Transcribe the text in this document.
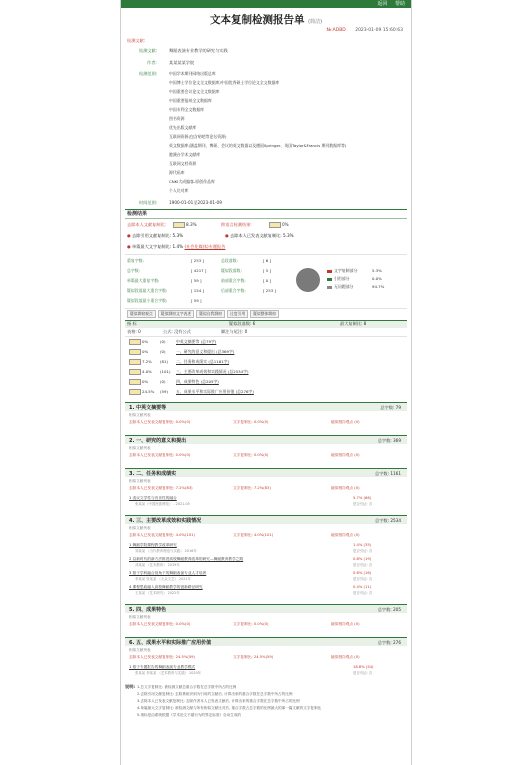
返回 帮助
文本复制检测报告单 (简洁)
№:ADBD 2023-01-09 15:60:63
检测文献:
检测文献:	舞蹈表演专业教学的研究与实践
作者:	某某某某学院
检测范围:	中国学术期刊网络出版总库
中国博士学位论文全文数据库/中国优秀硕士学位论文全文数据库
中国重要会议论文全文数据库
中国重要报纸全文数据库
中国专利全文数据库
图书资源
优先出版文献库
互联网资源(包含贴吧等论坛资源)
英文数据库(涵盖期刊、博硕、会议的英文数据以及德国Springer、英国Taylor&Francis 期刊数据库等)
港澳台学术文献库
互联网文档资源
源代码库
CNKI大成编客-原创作品库
个人比对库
时间范围:	1900-01-01至2023-01-09
检测结果
去除本人文献复制比:	8.3%	跨语言检测结果:	0%
● 去除引用文献复制比: 5.3%	● 去除本人已发表文献复制比: 5.3%
● 单篇最大文字复制比: 1.4% (社会化媒体)专题报告
重复字数:	[ 253 ]
总字数:	[ 4217 ]
单篇最大重复字数:	[ 59 ]
疑似段落最大重合字数:	[ 154 ]
疑似段落最小重合字数:	[ 59 ]
总段落数:	[ 6 ]
疑似段落数:	[ 5 ]
前部重合字数:	[ 0 ]
后部重合字数:	[ 253 ]
文字复制部分	5.3%
引用部分	0.0%
无问题部分	94.7%
疑似剽窃观点 疑似剽窃文字表述 疑似自我剽窃 过度引用 疑似整体剽窃
指 标	疑似段落数: 6	最大复制比: 8
表格: 0	公式: 没有公式	脚注与尾注: 0
0%	(0)	中英文摘要等 (总79字)
0%	(0)	一、研究的意义和提出 (总369字)
7.2% (81) 二、任务和成绩实 (总1161字)
4.0% (101) 三、主要改革成效和实践情况 (总2534字)
0%	(0)	四、成果特色 (总205字)
24.5% (59) 五、成果水平和实际推广应用价值 (总276字)
1. 中英文摘要等	总字数: 79
相似文献列表
去除本人已发表文献复制比: 0.0%(0)	文字复制比: 0.0%(0)	疑似剽窃观点 (0)
2. 一、研究的意义和提出	总字数: 369
相似文献列表
去除本人已发表文献复制比: 0.0%(0)	文字复制比: 0.0%(0)	疑似剽窃观点 (0)
3. 二、任务和成绩实	总字数: 1161
相似文献列表
去除本人已发表文献复制比: 7.2%(83)	文字复制比: 7.2%(83)	疑似剽窃观点 (0)
1 浅议文学性与音乐性的融合	5.7% (66)
张某某《中国民族博览》 - 2021-05	是否引证: 否
4. 三、主要改革成效和实践情况	总字数: 2534
相似文献列表
去除本人已发表文献复制比: 4.0%(101)	文字复制比: 4.0%(101)	疑似剽窃观点 (0)
1 舞蹈学院课程教学改革研究	1.4% (35)
刘某某 《当代教育理论与实践》 2016年	是否引证: 否
2 以新时代的新方法推进高校舞蹈教育改革的研究—舞蹈教育教学之路	0.8% (19)
邓某某 《艺术教育》 2019年	是否引证: 否
3 基于学科融合视角下的舞蹈表演专业人才培养	0.6% (16)
李某某 张某某 《大众文艺》 2021年	是否引证: 否
4 课程思政融入高校舞蹈教学的创新路径研究	0.4% (11)
王某某 《艺术研究》 2022年	是否引证: 否
5. 四、成果特色	总字数: 205
相似文献列表
去除本人已发表文献复制比: 0.0%(0)	文字复制比: 0.0%(0)	疑似剽窃观点 (0)
6. 五、成果水平和实际推广应用价值	总字数: 276
相似文献列表
去除本人已发表文献复制比: 24.5%(59)	文字复制比: 24.5%(59)	疑似剽窃观点 (0)
1 基于专题报告的舞蹈表演专业教学模式	18.8% (54)
张某某 李某某 《艺术教育与实践》 2020年	是否引证: 否
说明: 1.总文字复制比: 被检测文献总重合字数在总字数中所占的比例
2.去除引用文献复制比: 去除系统识别为引用的文献后, 计算出来的重合字数在总字数中所占的比例
3.去除本人已发表文献复制比: 去除作者本人已发表文献后, 计算出来的重合字数在总字数中所占的比例
4.单篇最大文字复制比: 被检测文献与所有相似文献比对后, 重合字数占总字数的比例最大的那一篇文献的文字复制比
5.指标是由系统根据《学术论文不端行为的界定标准》自动生成的
